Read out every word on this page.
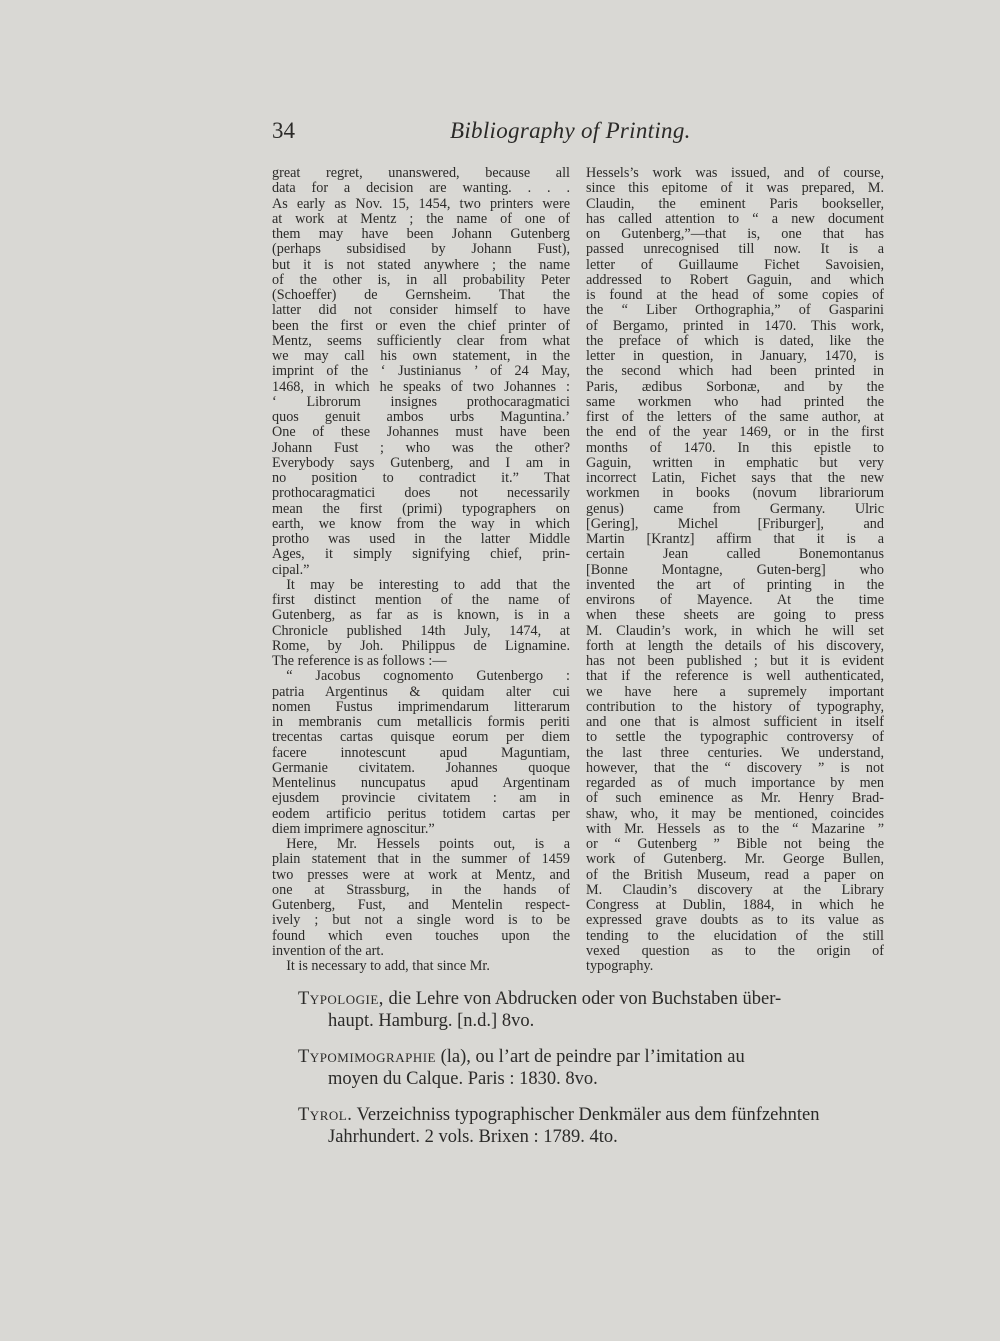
34	Bibliography of Printing.
great regret, unanswered, because all
data for a decision are wanting. . . .
As early as Nov. 15, 1454, two printers were
at work at Mentz ; the name of one of
them may have been Johann Gutenberg
(perhaps subsidised by Johann Fust),
but it is not stated anywhere ; the name
of the other is, in all probability Peter
(Schoeffer) de Gernsheim. That the
latter did not consider himself to have
been the first or even the chief printer of
Mentz, seems sufficiently clear from what
we may call his own statement, in the
imprint of the ‘ Justinianus ’ of 24 May,
1468, in which he speaks of two Johannes :
‘ Librorum insignes prothocaragmatici
quos genuit ambos urbs Maguntina.’
One of these Johannes must have been
Johann Fust ; who was the other?
Everybody says Gutenberg, and I am in
no position to contradict it.” That
prothocaragmatici does not necessarily
mean the first (primi) typographers on
earth, we know from the way in which
protho was used in the latter Middle
Ages, it simply signifying chief, prin-
cipal.”
 It may be interesting to add that the
first distinct mention of the name of
Gutenberg, as far as is known, is in a
Chronicle published 14th July, 1474, at
Rome, by Joh. Philippus de Lignamine.
The reference is as follows :—
 “ Jacobus cognomento Gutenbergo :
patria Argentinus & quidam alter cui
nomen Fustus imprimendarum litterarum
in membranis cum metallicis formis periti
trecentas cartas quisque eorum per diem
facere innotescunt apud Maguntiam,
Germanie civitatem. Johannes quoque
Mentelinus nuncupatus apud Argentinam
ejusdem provincie civitatem : am in
eodem artificio peritus totidem cartas per
diem imprimere agnoscitur.”
 Here, Mr. Hessels points out, is a
plain statement that in the summer of 1459
two presses were at work at Mentz, and
one at Strassburg, in the hands of
Gutenberg, Fust, and Mentelin respect-
ively ; but not a single word is to be
found which even touches upon the
invention of the art.
 It is necessary to add, that since Mr.
Hessels’s work was issued, and of course,
since this epitome of it was prepared, M.
Claudin, the eminent Paris bookseller,
has called attention to “ a new document
on Gutenberg,”—that is, one that has
passed unrecognised till now. It is a
letter of Guillaume Fichet Savoisien,
addressed to Robert Gaguin, and which
is found at the head of some copies of
the “ Liber Orthographia,” of Gasparini
of Bergamo, printed in 1470. This work,
the preface of which is dated, like the
letter in question, in January, 1470, is
the second which had been printed in
Paris, ædibus Sorbonæ, and by the
same workmen who had printed the
first of the letters of the same author, at
the end of the year 1469, or in the first
months of 1470. In this epistle to
Gaguin, written in emphatic but very
incorrect Latin, Fichet says that the new
workmen in books (novum librariorum
genus) came from Germany. Ulric
[Gering], Michel [Friburger], and
Martin [Krantz] affirm that it is a
certain Jean called Bonemontanus
[Bonne Montagne, Guten-berg] who
invented the art of printing in the
environs of Mayence. At the time
when these sheets are going to press
M. Claudin’s work, in which he will set
forth at length the details of his discovery,
has not been published ; but it is evident
that if the reference is well authenticated,
we have here a supremely important
contribution to the history of typography,
and one that is almost sufficient in itself
to settle the typographic controversy of
the last three centuries. We understand,
however, that the “ discovery ” is not
regarded as of much importance by men
of such eminence as Mr. Henry Brad-
shaw, who, it may be mentioned, coincides
with Mr. Hessels as to the “ Mazarine ”
or “ Gutenberg ” Bible not being the
work of Gutenberg. Mr. George Bullen,
of the British Museum, read a paper on
M. Claudin’s discovery at the Library
Congress at Dublin, 1884, in which he
expressed grave doubts as to its value as
tending to the elucidation of the still
vexed question as to the origin of
typography.
Typologie, die Lehre von Abdrucken oder von Buchstaben über-
haupt. Hamburg. [n.d.] 8vo.
Typomimographie (la), ou l’art de peindre par l’imitation au
moyen du Calque. Paris : 1830. 8vo.
Tyrol. Verzeichniss typographischer Denkmäler aus dem fünfzehnten
Jahrhundert. 2 vols. Brixen : 1789. 4to.
